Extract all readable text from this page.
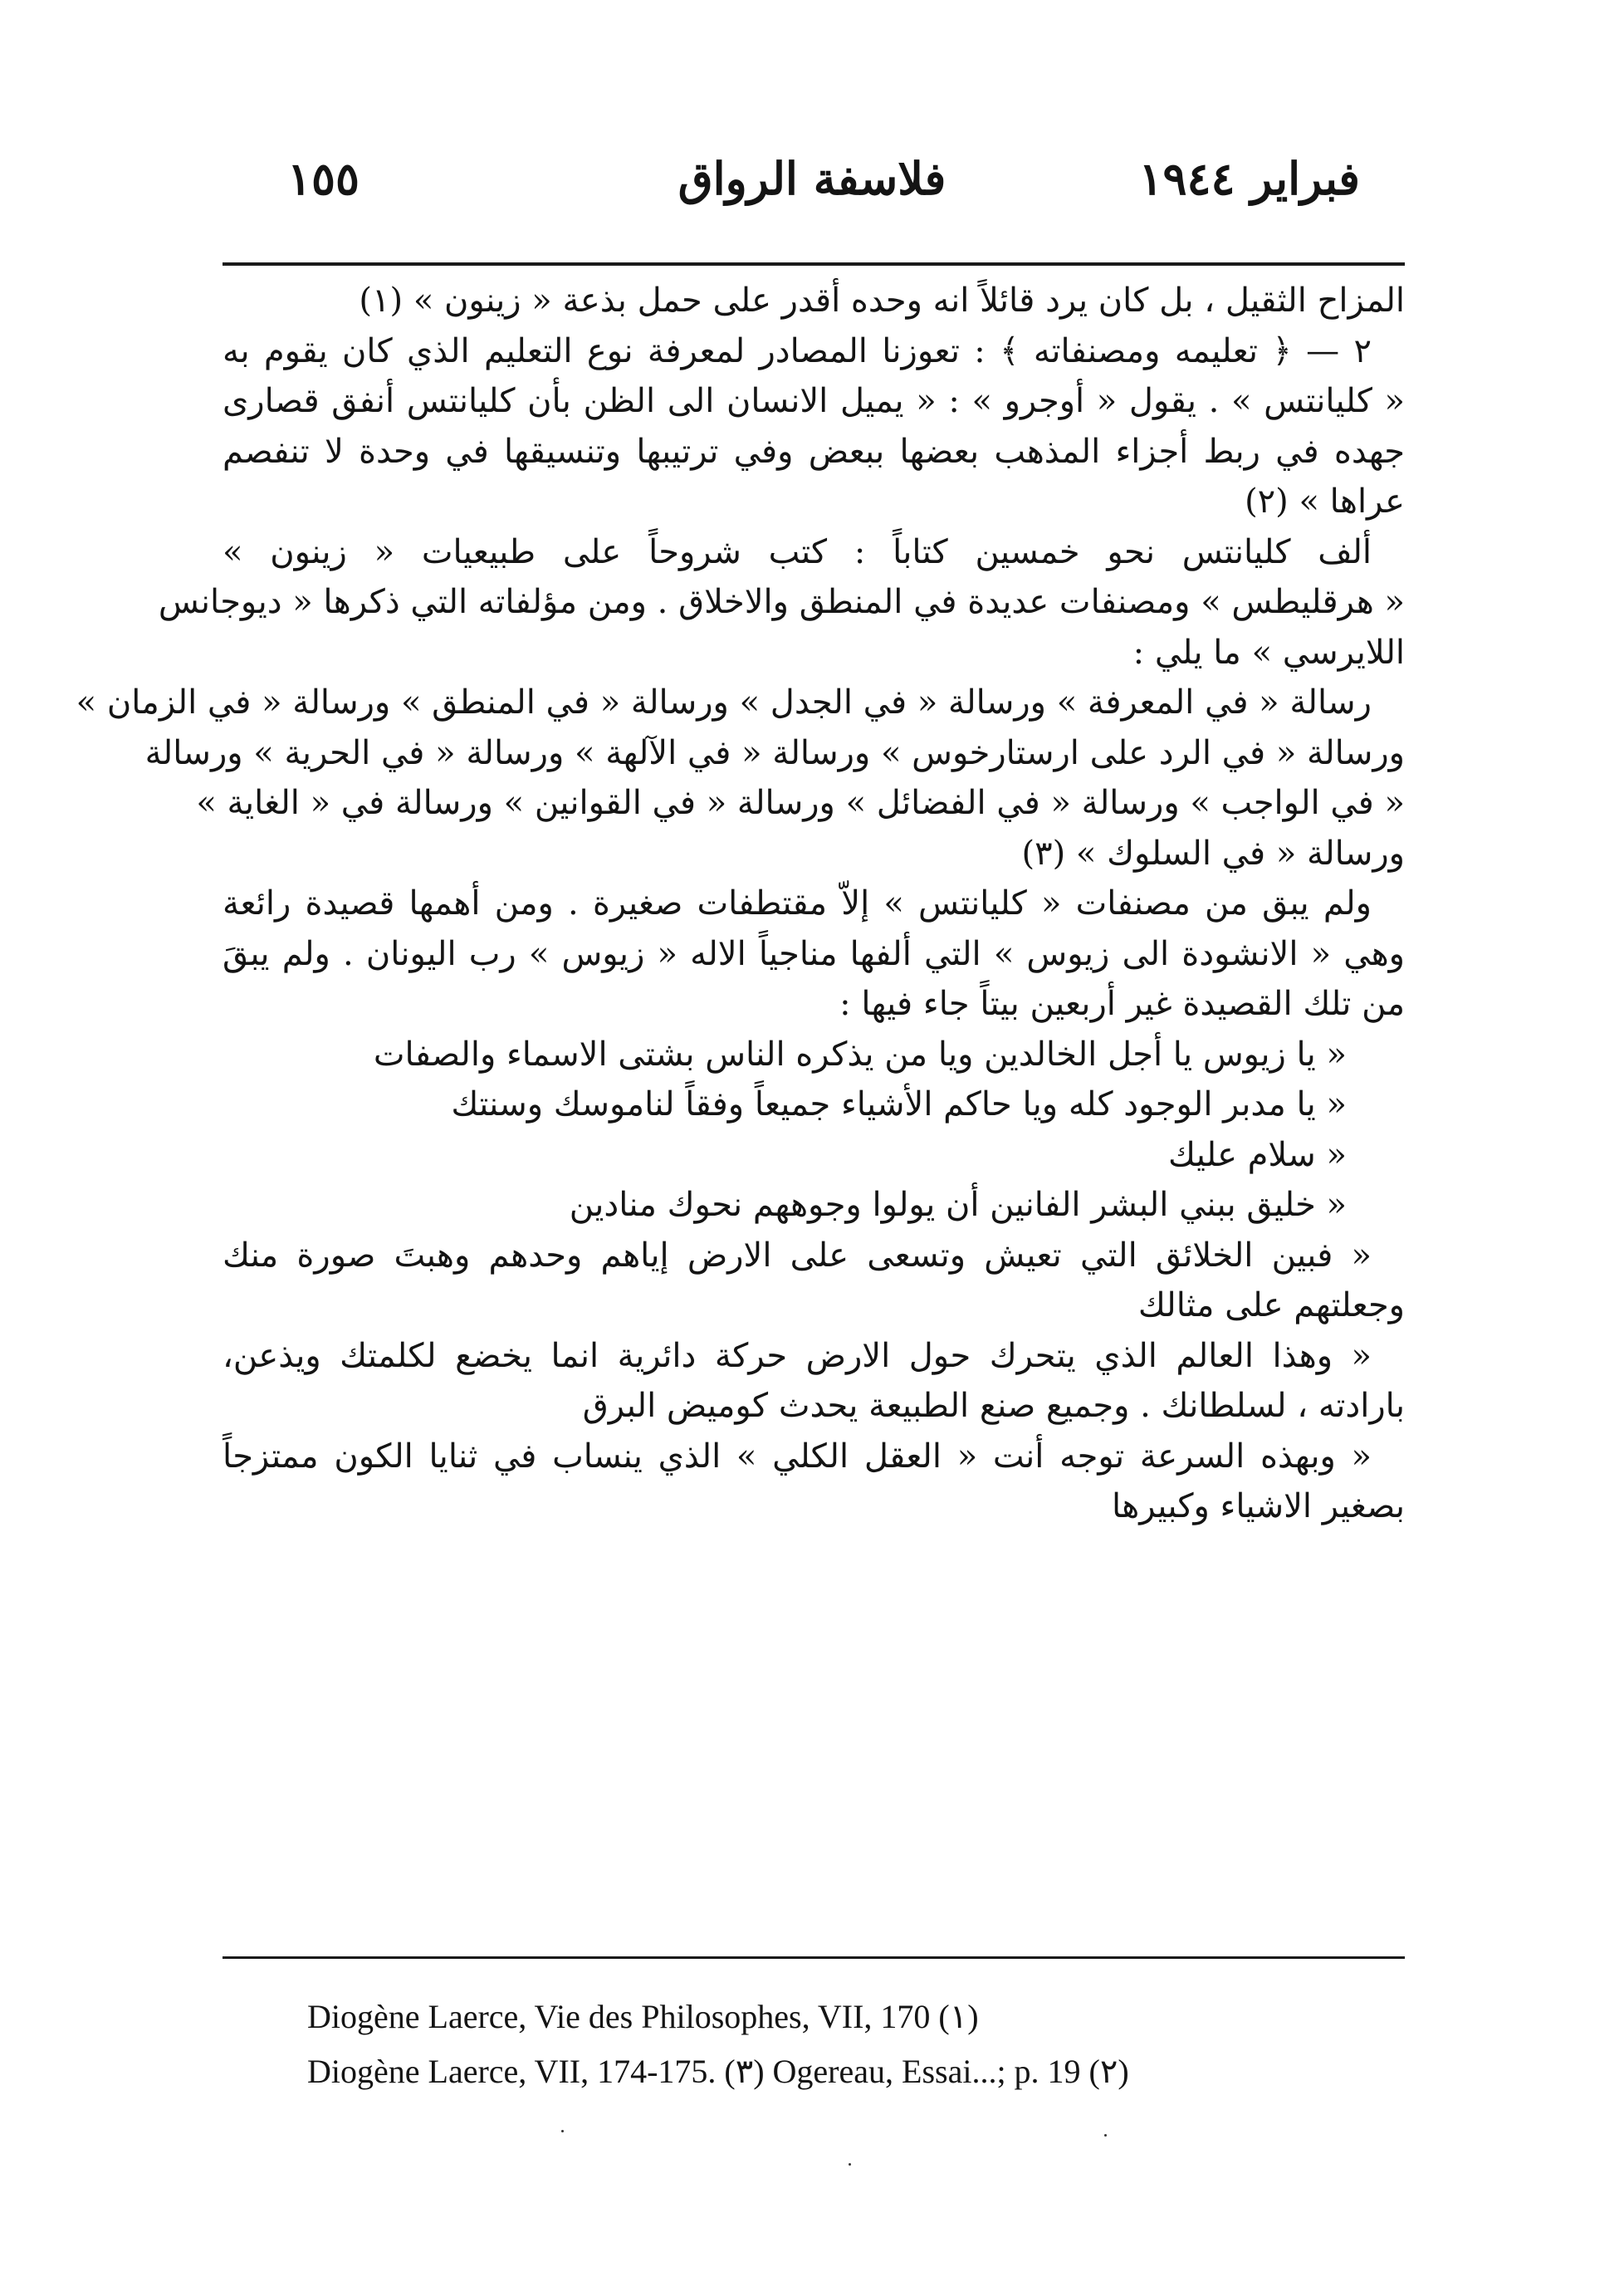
فبراير ١٩٤٤
فلاسفة الرواق
١٥٥
المزاح الثقيل ، بل كان يرد قائلاً انه وحده أقدر على حمل بذعة « زينون » (١)
٢ — ﴿ تعليمه ومصنفاته ﴾ : تعوزنا المصادر لمعرفة نوع التعليم الذي كان يقوم به
« كليانتس » . يقول « أوجرو » : « يميل الانسان الى الظن بأن كليانتس أنفق قصارى
جهده في ربط أجزاء المذهب بعضها ببعض وفي ترتيبها وتنسيقها في وحدة لا تنفصم
عراها » (٢)
ألف كليانتس نحو خمسين كتاباً : كتب شروحاً على طبيعيات « زينون »
« هرقليطس » ومصنفات عديدة في المنطق والاخلاق . ومن مؤلفاته التي ذكرها « ديوجانس
اللايرسي » ما يلي :
رسالة « في المعرفة » ورسالة « في الجدل » ورسالة « في المنطق » ورسالة « في الزمان »
ورسالة « في الرد على ارستارخوس » ورسالة « في الآلهة » ورسالة « في الحرية » ورسالة
« في الواجب » ورسالة « في الفضائل » ورسالة « في القوانين » ورسالة في « الغاية »
ورسالة « في السلوك » (٣)
ولم يبق من مصنفات « كليانتس » إلاّ مقتطفات صغيرة . ومن أهمها قصيدة رائعة
وهي « الانشودة الى زيوس » التي ألفها مناجياً الاله « زيوس » رب اليونان . ولم يبقَ
من تلك القصيدة غير أربعين بيتاً جاء فيها :
« يا زيوس يا أجل الخالدين ويا من يذكره الناس بشتى الاسماء والصفات
« يا مدبر الوجود كله ويا حاكم الأشياء جميعاً وفقاً لناموسك وسنتك
« سلام عليك
« خليق ببني البشر الفانين أن يولوا وجوههم نحوك منادين
« فبين الخلائق التي تعيش وتسعى على الارض إياهم وحدهم وهبتَ صورة منك
وجعلتهم على مثالك
« وهذا العالم الذي يتحرك حول الارض حركة دائرية انما يخضع لكلمتك ويذعن،
بارادته ، لسلطانك . وجميع صنع الطبيعة يحدث كوميض البرق
« وبهذه السرعة توجه أنت « العقل الكلي » الذي ينساب في ثنايا الكون ممتزجاً
بصغير الاشياء وكبيرها
Diogène Laerce, Vie des Philosophes, VII, 170 (١)
Diogène Laerce, VII, 174-175. (٣) Ogereau, Essai...; p. 19 (٢)
